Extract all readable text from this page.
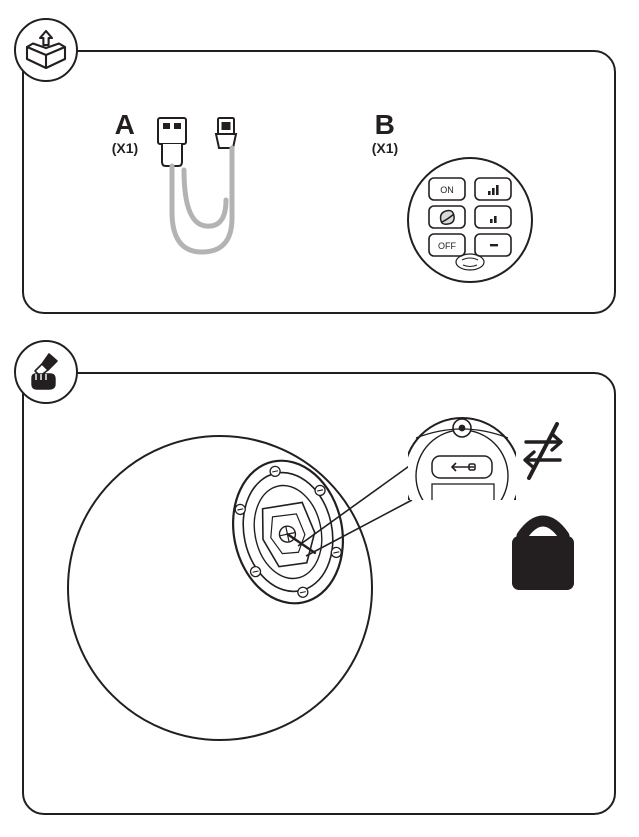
A
(X1)
B
(X1)
ON
OFF
